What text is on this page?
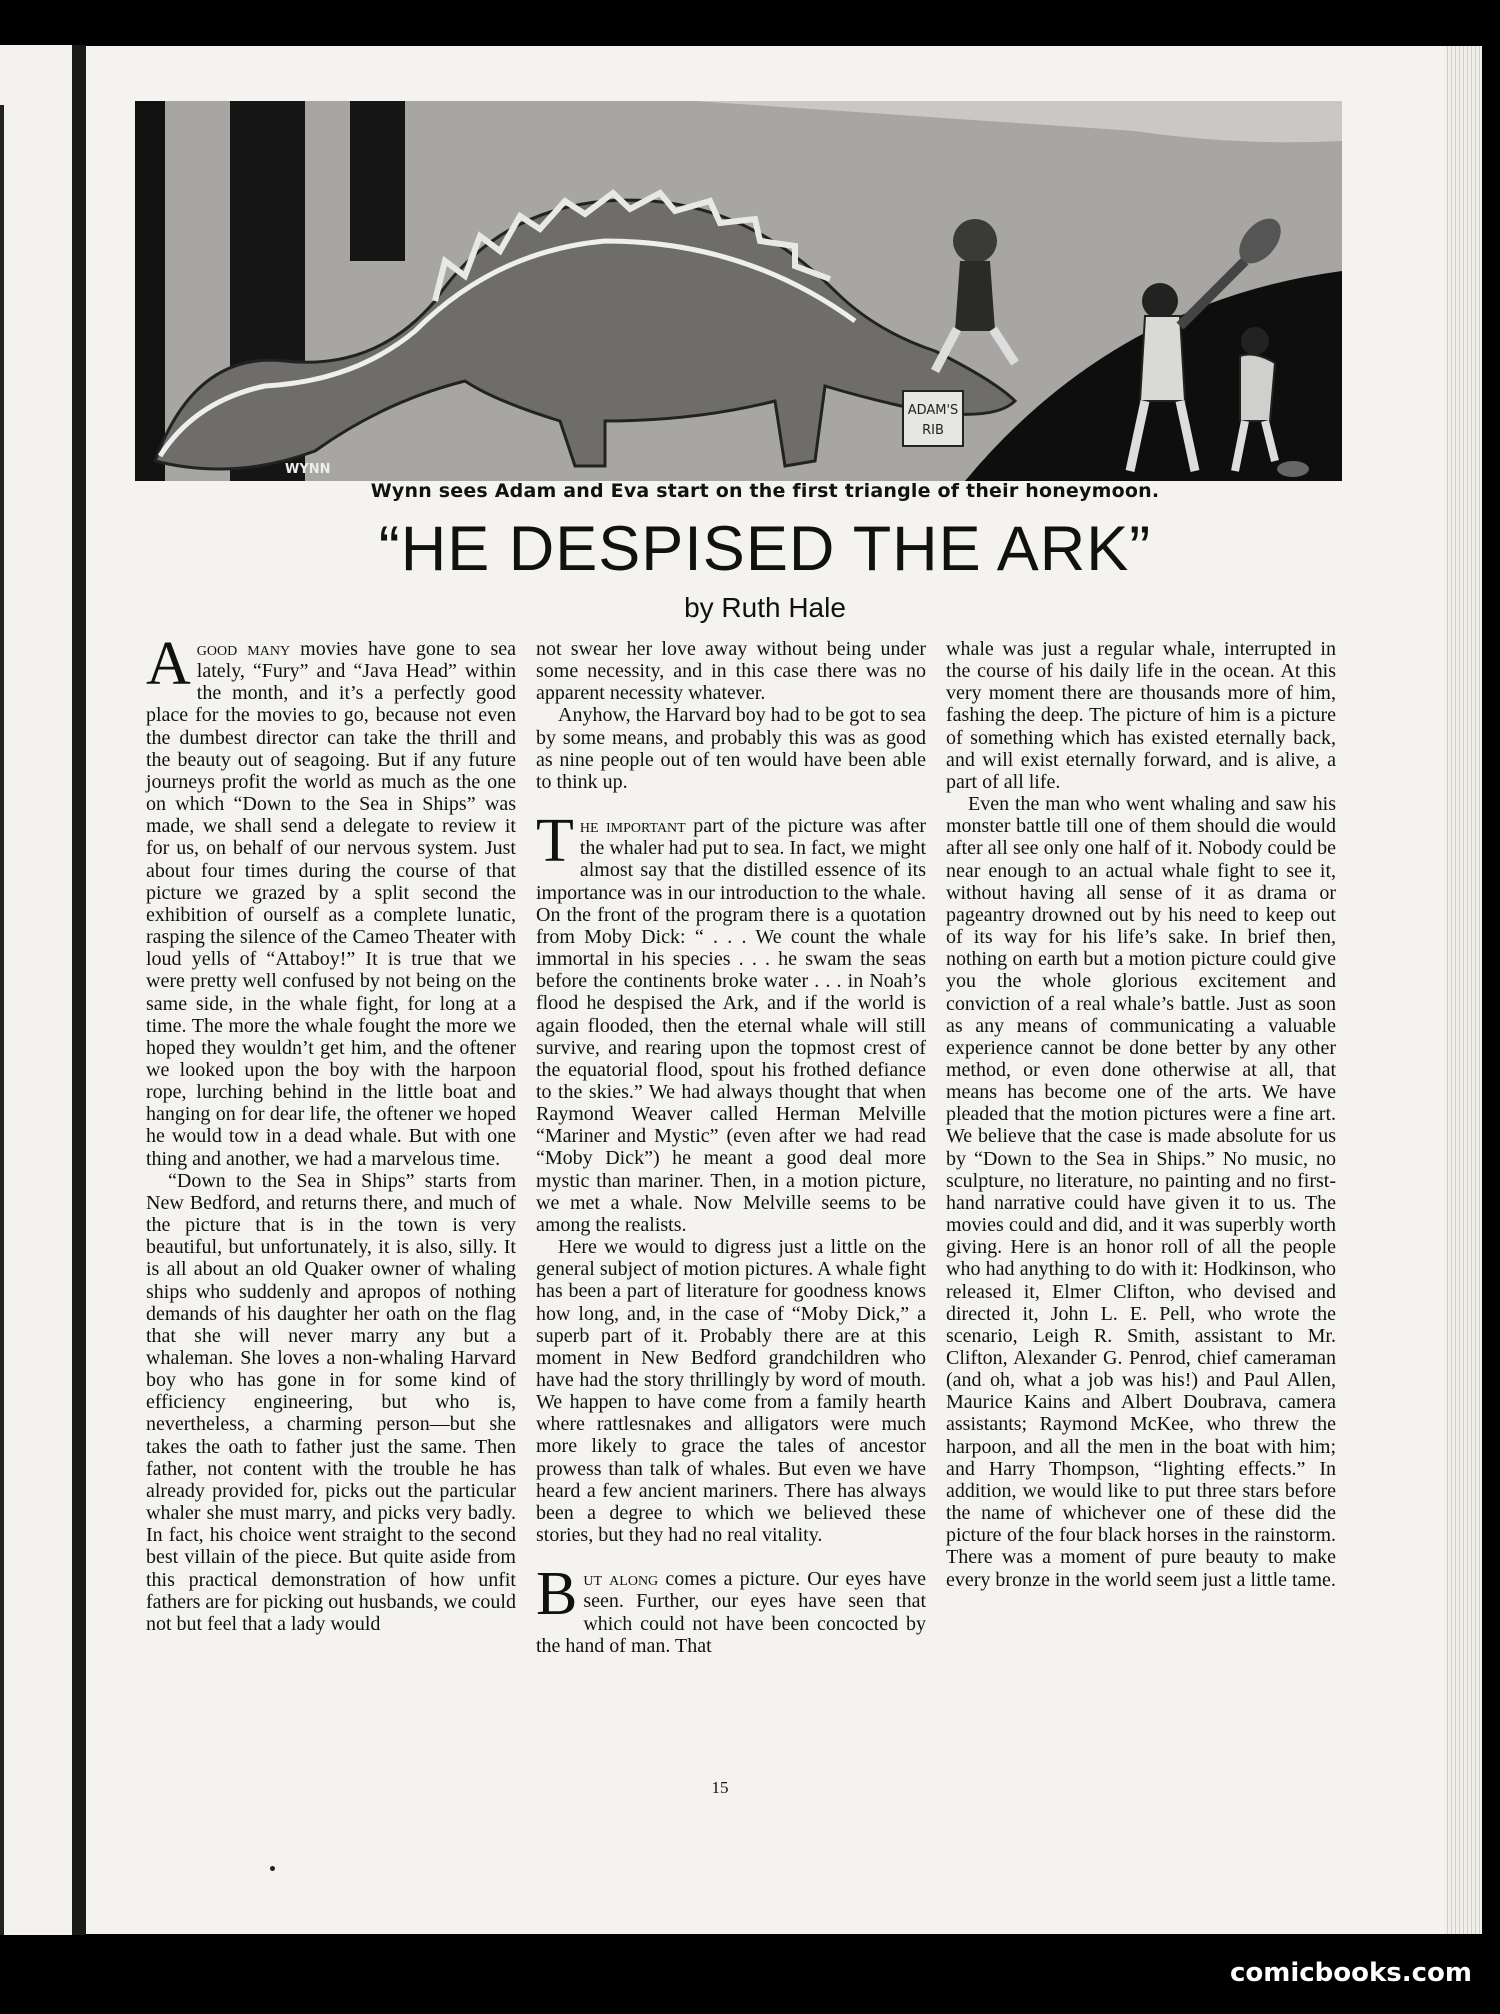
ADAM'S
RIB
WYNN
Wynn sees Adam and Eva start on the first triangle of their honeymoon.
“HE DESPISED THE ARK”
by Ruth Hale

Agood many movies have gone to sea lately, “Fury” and “Java Head” within the month, and it’s a perfectly good place for the movies to go, because not even the dumbest director can take the thrill and the beauty out of seagoing. But if any future journeys profit the world as much as the one on which “Down to the Sea in Ships” was made, we shall send a delegate to review it for us, on behalf of our nervous system. Just about four times during the course of that picture we grazed by a split second the exhibition of ourself as a complete lunatic, rasping the silence of the Cameo Theater with loud yells of “Attaboy!” It is true that we were pretty well confused by not being on the same side, in the whale fight, for long at a time. The more the whale fought the more we hoped they wouldn’t get him, and the oftener we looked upon the boy with the harpoon rope, lurching behind in the little boat and hanging on for dear life, the oftener we hoped he would tow in a dead whale. But with one thing and another, we had a marvelous time.

“Down to the Sea in Ships” starts from New Bedford, and returns there, and much of the picture that is in the town is very beautiful, but unfortunately, it is also, silly. It is all about an old Quaker owner of whaling ships who suddenly and apropos of nothing demands of his daughter her oath on the flag that she will never marry any but a whaleman. She loves a non-whaling Harvard boy who has gone in for some kind of efficiency engineering, but who is, nevertheless, a charming person—but she takes the oath to father just the same. Then father, not content with the trouble he has already provided for, picks out the particular whaler she must marry, and picks very badly. In fact, his choice went straight to the second best villain of the piece. But quite aside from this practical demonstration of how unfit fathers are for picking out husbands, we could not but feel that a lady would

not swear her love away without being under some necessity, and in this case there was no apparent necessity whatever.

Anyhow, the Harvard boy had to be got to sea by some means, and probably this was as good as nine people out of ten would have been able to think up.

The important part of the picture was after the whaler had put to sea. In fact, we might almost say that the distilled essence of its importance was in our introduction to the whale. On the front of the program there is a quotation from Moby Dick: “ . . . We count the whale immortal in his species . . . he swam the seas before the continents broke water . . . in Noah’s flood he despised the Ark, and if the world is again flooded, then the eternal whale will still survive, and rearing upon the topmost crest of the equatorial flood, spout his frothed defiance to the skies.” We had always thought that when Raymond Weaver called Herman Melville “Mariner and Mystic” (even after we had read “Moby Dick”) he meant a good deal more mystic than mariner. Then, in a motion picture, we met a whale. Now Melville seems to be among the realists.

Here we would to digress just a little on the general subject of motion pictures. A whale fight has been a part of literature for goodness knows how long, and, in the case of “Moby Dick,” a superb part of it. Probably there are at this moment in New Bedford grandchildren who have had the story thrillingly by word of mouth. We happen to have come from a family hearth where rattlesnakes and alligators were much more likely to grace the tales of ancestor prowess than talk of whales. But even we have heard a few ancient mariners. There has always been a degree to which we believed these stories, but they had no real vitality.

But along comes a picture. Our eyes have seen. Further, our eyes have seen that which could not have been concocted by the hand of man. That

whale was just a regular whale, interrupted in the course of his daily life in the ocean. At this very moment there are thousands more of him, fashing the deep. The picture of him is a picture of something which has existed eternally back, and will exist eternally forward, and is alive, a part of all life.

Even the man who went whaling and saw his monster battle till one of them should die would after all see only one half of it. Nobody could be near enough to an actual whale fight to see it, without having all sense of it as drama or pageantry drowned out by his need to keep out of its way for his life’s sake. In brief then, nothing on earth but a motion picture could give you the whole glorious excitement and conviction of a real whale’s battle. Just as soon as any means of communicating a valuable experience cannot be done better by any other method, or even done otherwise at all, that means has become one of the arts. We have pleaded that the motion pictures were a fine art. We believe that the case is made absolute for us by “Down to the Sea in Ships.” No music, no sculpture, no literature, no painting and no first-hand narrative could have given it to us. The movies could and did, and it was superbly worth giving. Here is an honor roll of all the people who had anything to do with it: Hodkinson, who released it, Elmer Clifton, who devised and directed it, John L. E. Pell, who wrote the scenario, Leigh R. Smith, assistant to Mr. Clifton, Alexander G. Penrod, chief cameraman (and oh, what a job was his!) and Paul Allen, Maurice Kains and Albert Doubrava, camera assistants; Raymond McKee, who threw the harpoon, and all the men in the boat with him; and Harry Thompson, “lighting effects.” In addition, we would like to put three stars before the name of whichever one of these did the picture of the four black horses in the rainstorm. There was a moment of pure beauty to make every bronze in the world seem just a little tame.

15
comicbooks.com
